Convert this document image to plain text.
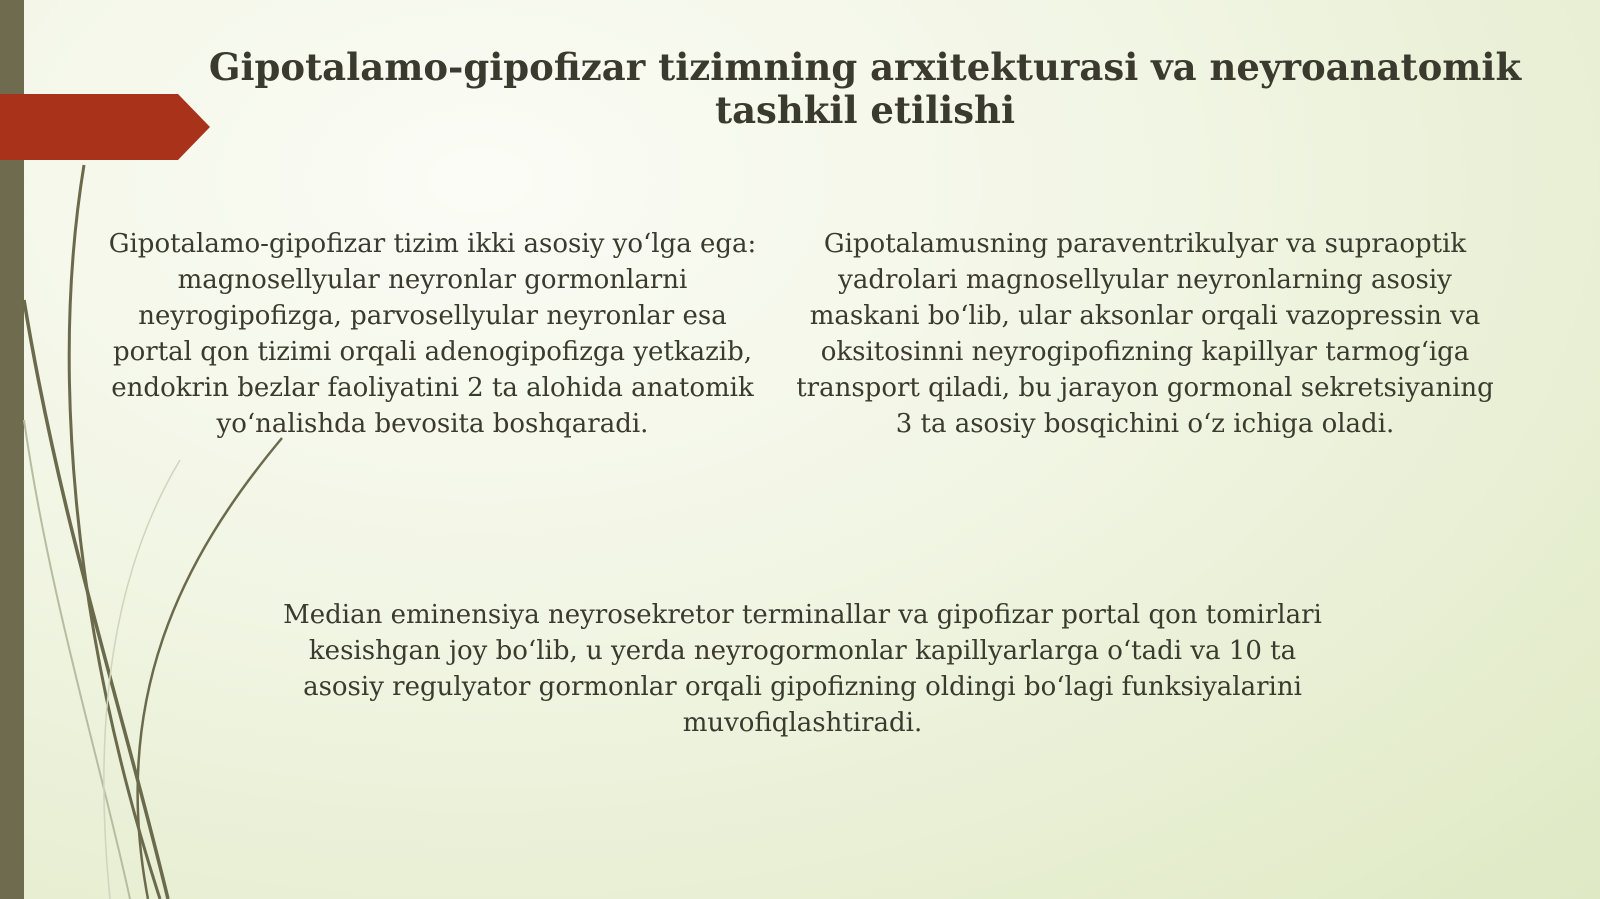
Gipotalamo-gipofizar tizimning arxitekturasi va neyroanatomik tashkil etilishi

Gipotalamo-gipofizar tizim ikki asosiy yo‘lga ega: magnosellyular neyronlar gormonlarni neyrogipofizga, parvosellyular neyronlar esa portal qon tizimi orqali adenogipofizga yetkazib, endokrin bezlar faoliyatini 2 ta alohida anatomik yo‘nalishda bevosita boshqaradi.

Gipotalamusning paraventrikulyar va supraoptik yadrolari magnosellyular neyronlarning asosiy maskani bo‘lib, ular aksonlar orqali vazopressin va oksitosinni neyrogipofizning kapillyar tarmog‘iga transport qiladi, bu jarayon gormonal sekretsiyaning 3 ta asosiy bosqichini o‘z ichiga oladi.

Median eminensiya neyrosekretor terminallar va gipofizar portal qon tomirlari kesishgan joy bo‘lib, u yerda neyrogormonlar kapillyarlarga o‘tadi va 10 ta asosiy regulyator gormonlar orqali gipofizning oldingi bo‘lagi funksiyalarini muvofiqlashtiradi.
